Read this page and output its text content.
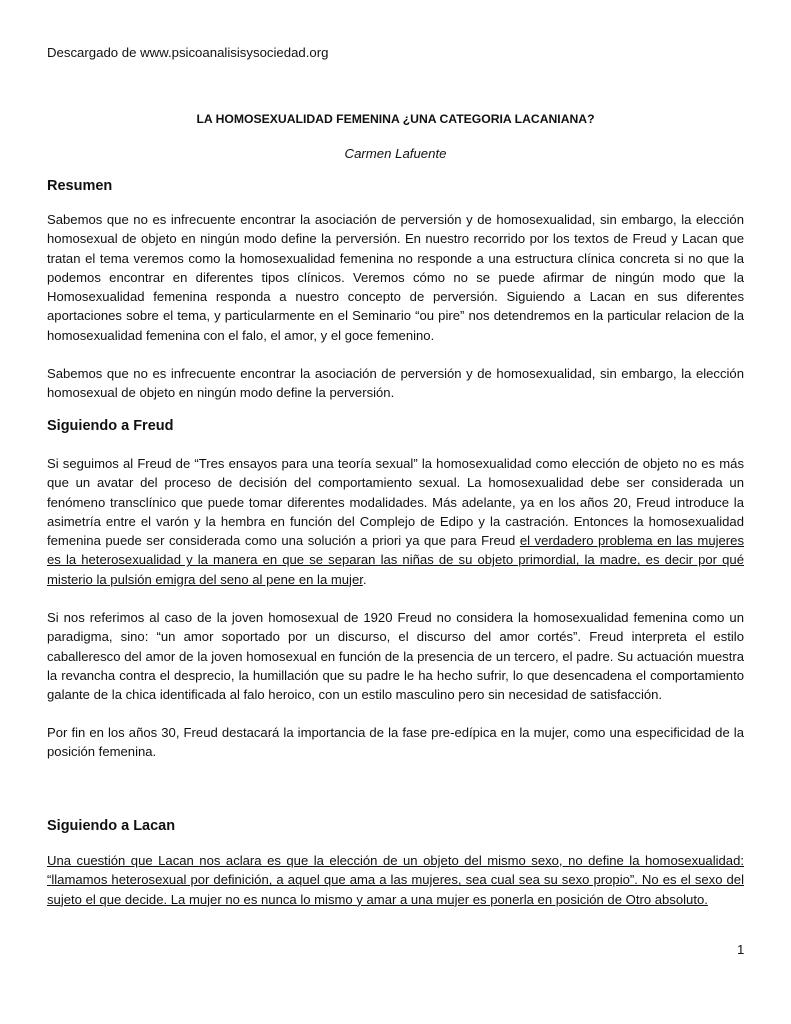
Descargado de www.psicoanalisisysociedad.org
LA HOMOSEXUALIDAD FEMENINA ¿UNA CATEGORIA LACANIANA?
Carmen Lafuente
Resumen

Sabemos que no es infrecuente encontrar la asociación de perversión y de homosexualidad, sin embargo, la elección homosexual de objeto en ningún modo define la perversión. En nuestro recorrido por los textos de Freud y Lacan que tratan el tema veremos como la homosexualidad femenina no responde a una estructura clínica concreta si no que la podemos encontrar en diferentes tipos clínicos. Veremos cómo no se puede afirmar de ningún modo que la Homosexualidad femenina responda a nuestro concepto de perversión. Siguiendo a Lacan en sus diferentes aportaciones sobre el tema, y particularmente en el Seminario “ou pire” nos detendremos en la particular relacion de la homosexualidad femenina con el falo, el amor, y el goce femenino.

Sabemos que no es infrecuente encontrar la asociación de perversión y de homosexualidad, sin embargo, la elección homosexual de objeto en ningún modo define la perversión.

Siguiendo a Freud

Si seguimos al Freud de “Tres ensayos para una teoría sexual” la homosexualidad como elección de objeto no es más que un avatar del proceso de decisión del comportamiento sexual. La homosexualidad debe ser considerada un fenómeno transclínico que puede tomar diferentes modalidades. Más adelante, ya en los años 20, Freud introduce la asimetría entre el varón y la hembra en función del Complejo de Edipo y la castración. Entonces la homosexualidad femenina puede ser considerada como una solución a priori ya que para Freud el verdadero problema en las mujeres es la heterosexualidad y la manera en que se separan las niñas de su objeto primordial, la madre, es decir por qué misterio la pulsión emigra del seno al pene en la mujer.

Si nos referimos al caso de la joven homosexual de 1920 Freud no considera la homosexualidad femenina como un paradigma, sino: “un amor soportado por un discurso, el discurso del amor cortés”. Freud interpreta el estilo caballeresco del amor de la joven homosexual en función de la presencia de un tercero, el padre. Su actuación muestra la revancha contra el desprecio, la humillación que su padre le ha hecho sufrir, lo que desencadena el comportamiento galante de la chica identificada al falo heroico, con un estilo masculino pero sin necesidad de satisfacción.

Por fin en los años 30, Freud destacará la importancia de la fase pre-edípica en la mujer, como una especificidad de la posición femenina.

Siguiendo a Lacan

Una cuestión que Lacan nos aclara es que la elección de un objeto del mismo sexo, no define la homosexualidad: “llamamos heterosexual por definición, a aquel que ama a las mujeres, sea cual sea su sexo propio”. No es el sexo del sujeto el que decide. La mujer no es nunca lo mismo y amar a una mujer es ponerla en posición de Otro absoluto.

1
